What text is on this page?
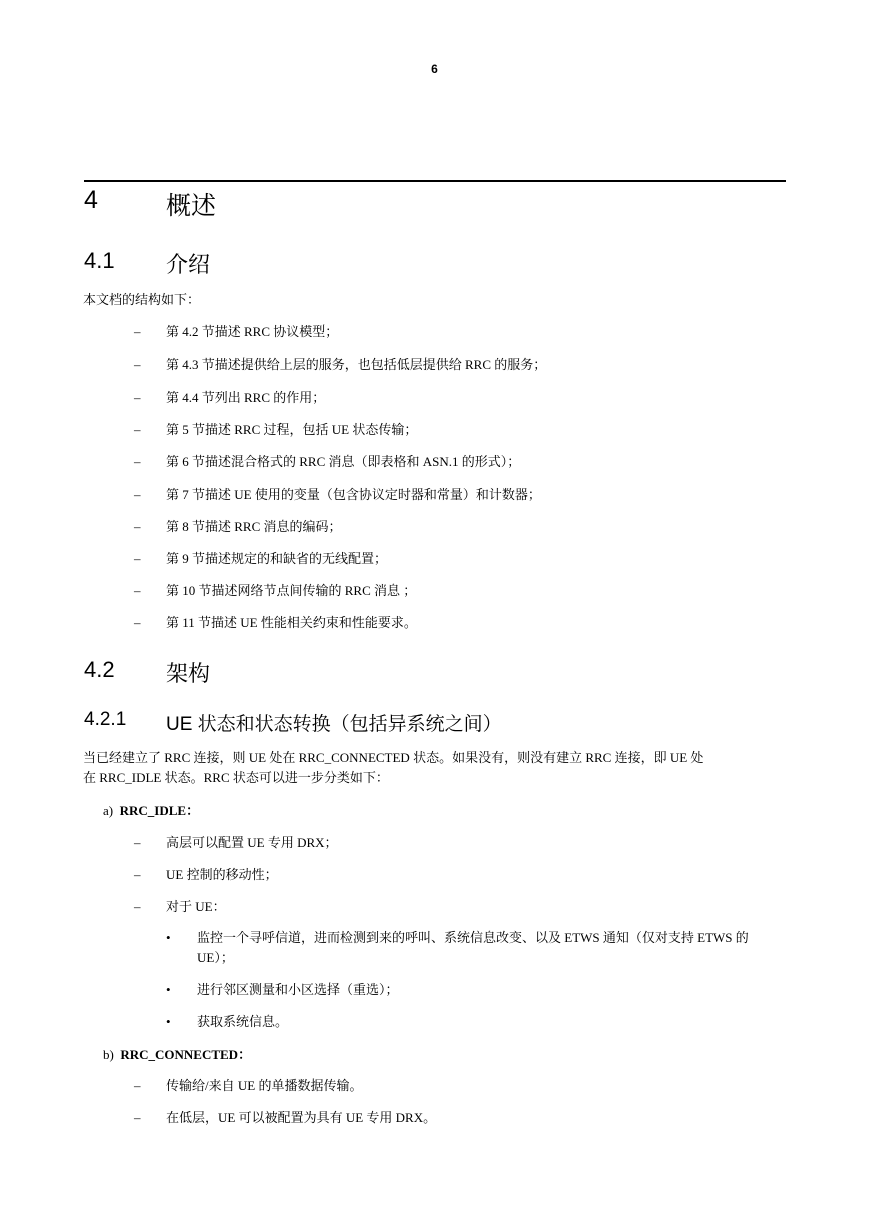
6
4	概述
4.1 介绍
本文档的结构如下：
–	第 4.2 节描述 RRC 协议模型；
–	第 4.3 节描述提供给上层的服务，也包括低层提供给 RRC 的服务；
–	第 4.4 节列出 RRC 的作用；
–	第 5 节描述 RRC 过程，包括 UE 状态传输；
–	第 6 节描述混合格式的 RRC 消息（即表格和 ASN.1 的形式）；
–	第 7 节描述 UE 使用的变量（包含协议定时器和常量）和计数器；
–	第 8 节描述 RRC 消息的编码；
–	第 9 节描述规定的和缺省的无线配置；
–	第 10 节描述网络节点间传输的 RRC 消息 ；
–	第 11 节描述 UE 性能相关约束和性能要求。
4.2 架构
4.2.1 UE 状态和状态转换（包括异系统之间）
当已经建立了 RRC 连接，则 UE 处在 RRC_CONNECTED 状态。如果没有，则没有建立 RRC 连接，即 UE 处
在 RRC_IDLE 状态。RRC 状态可以进一步分类如下：
a) RRC_IDLE：
–	高层可以配置 UE 专用 DRX；
–	UE 控制的移动性；
–	对于 UE：
• 监控一个寻呼信道，进而检测到来的呼叫、系统信息改变、以及 ETWS 通知（仅对支持 ETWS 的 UE）；
• 进行邻区测量和小区选择（重选）；
• 获取系统信息。
b) RRC_CONNECTED：
–	传输给/来自 UE 的单播数据传输。
–	在低层，UE 可以被配置为具有 UE 专用 DRX。
